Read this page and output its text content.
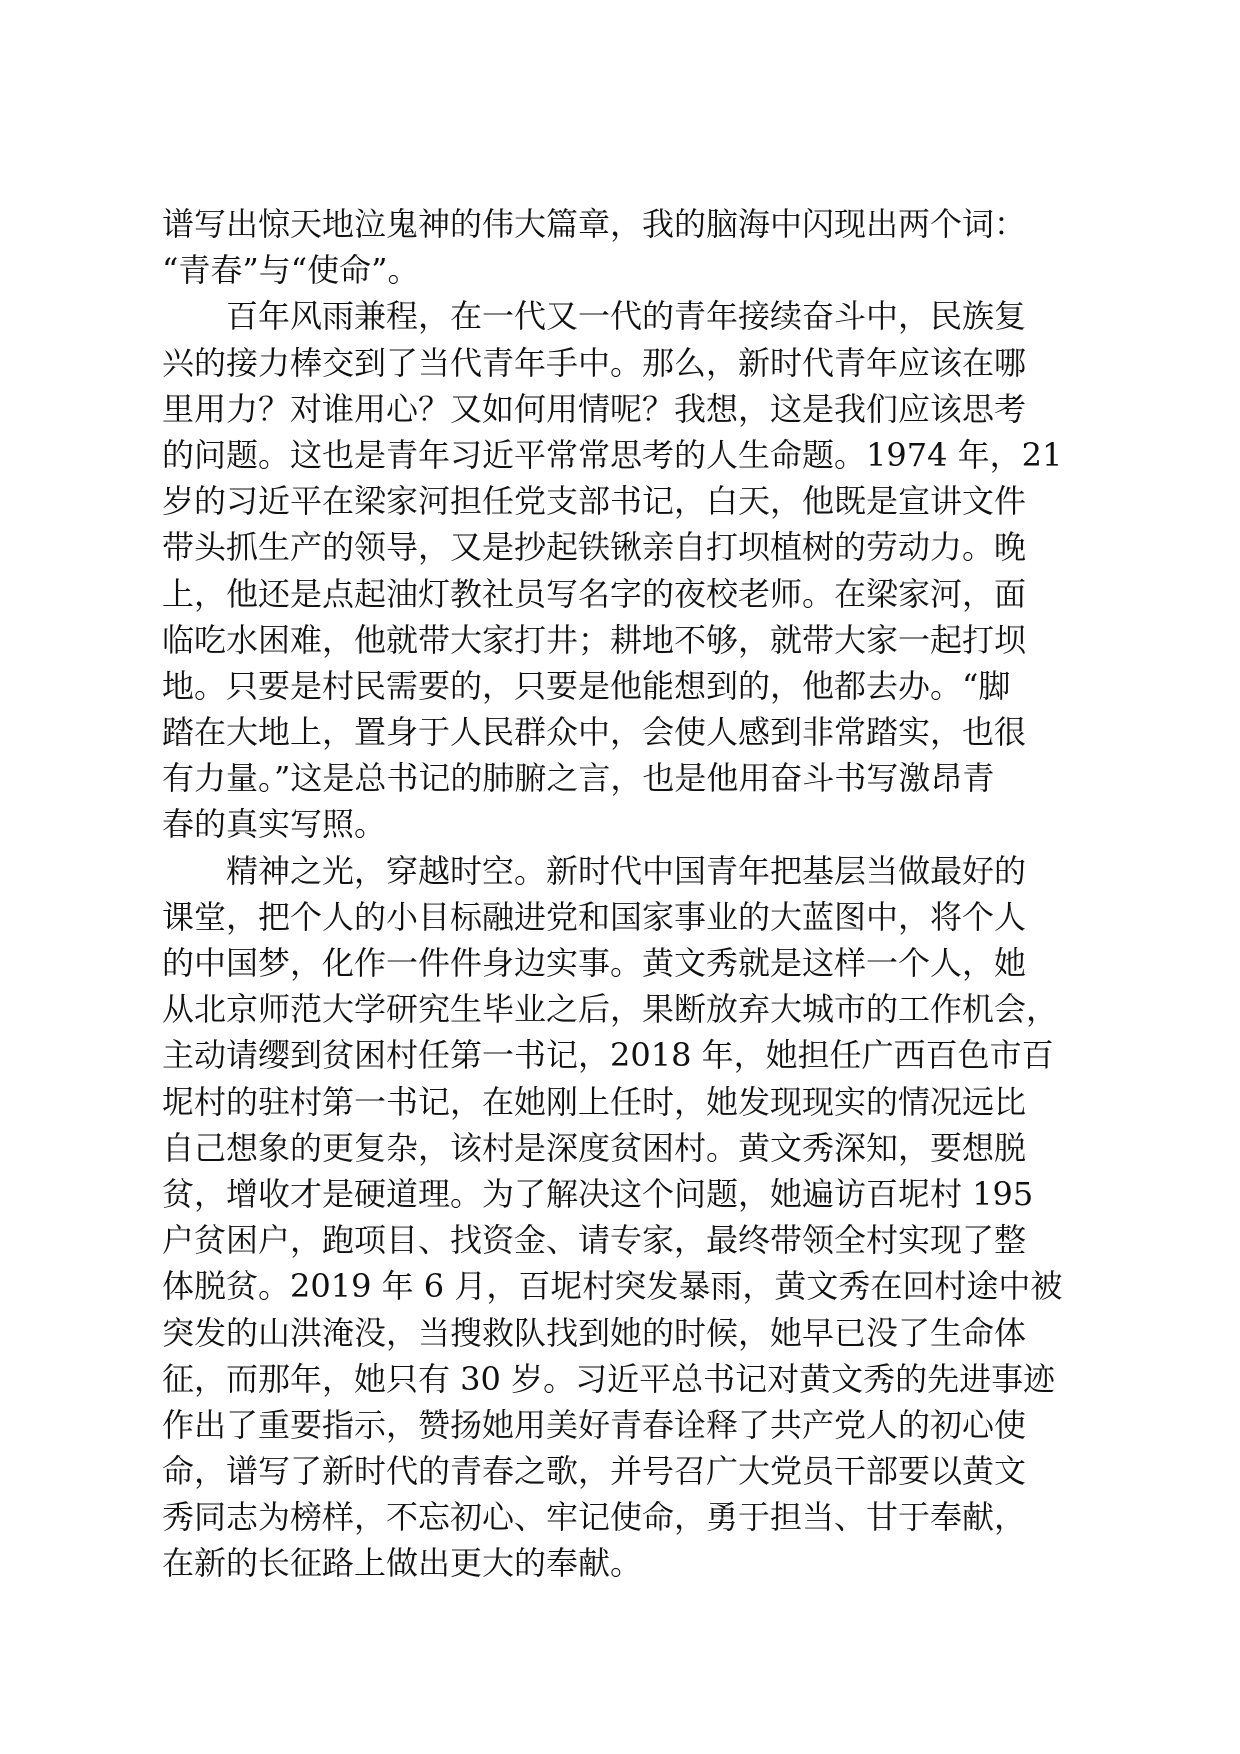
谱写出惊天地泣鬼神的伟大篇章，我的脑海中闪现出两个词：
“青春”与“使命”。
百年风雨兼程，在一代又一代的青年接续奋斗中，民族复
兴的接力棒交到了当代青年手中。那么，新时代青年应该在哪
里用力？对谁用心？又如何用情呢？我想，这是我们应该思考
的问题。这也是青年习近平常常思考的人生命题。1974 年，21
岁的习近平在梁家河担任党支部书记，白天，他既是宣讲文件
带头抓生产的领导，又是抄起铁锹亲自打坝植树的劳动力。晚
上，他还是点起油灯教社员写名字的夜校老师。在梁家河，面
临吃水困难，他就带大家打井；耕地不够，就带大家一起打坝
地。只要是村民需要的，只要是他能想到的，他都去办。“脚
踏在大地上，置身于人民群众中，会使人感到非常踏实，也很
有力量。”这是总书记的肺腑之言，也是他用奋斗书写激昂青
春的真实写照。
精神之光，穿越时空。新时代中国青年把基层当做最好的
课堂，把个人的小目标融进党和国家事业的大蓝图中，将个人
的中国梦，化作一件件身边实事。黄文秀就是这样一个人，她
从北京师范大学研究生毕业之后，果断放弃大城市的工作机会，
主动请缨到贫困村任第一书记，2018 年，她担任广西百色市百
坭村的驻村第一书记，在她刚上任时，她发现现实的情况远比
自己想象的更复杂，该村是深度贫困村。黄文秀深知，要想脱
贫，增收才是硬道理。为了解决这个问题，她遍访百坭村 195
户贫困户，跑项目、找资金、请专家，最终带领全村实现了整
体脱贫。2019 年 6 月，百坭村突发暴雨，黄文秀在回村途中被
突发的山洪淹没，当搜救队找到她的时候，她早已没了生命体
征，而那年，她只有 30 岁。习近平总书记对黄文秀的先进事迹
作出了重要指示，赞扬她用美好青春诠释了共产党人的初心使
命，谱写了新时代的青春之歌，并号召广大党员干部要以黄文
秀同志为榜样，不忘初心、牢记使命，勇于担当、甘于奉献，
在新的长征路上做出更大的奉献。
